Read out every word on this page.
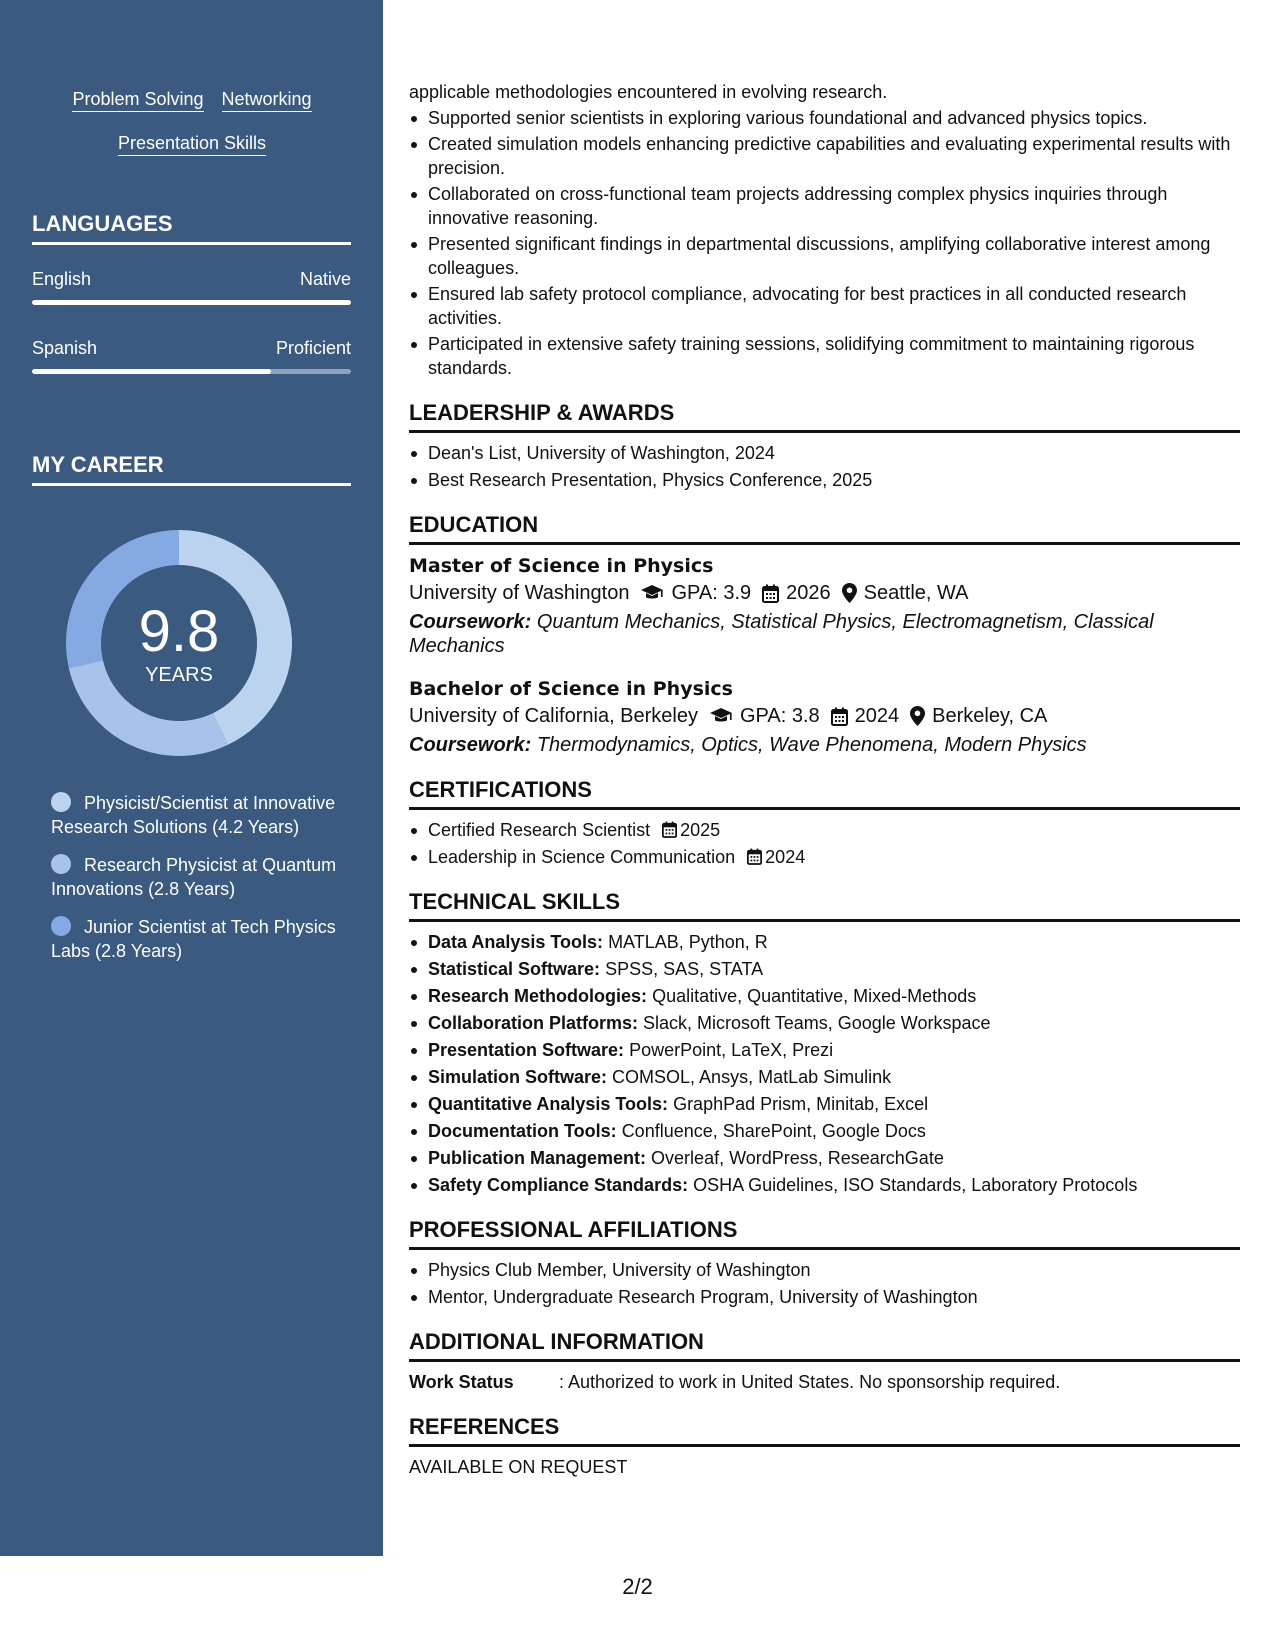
Problem Solving Networking
Presentation Skills
LANGUAGES
English	Native
Spanish	Proficient
MY CAREER
9.8
YEARS
Physicist/Scientist at Innovative Research Solutions (4.2 Years)
Research Physicist at Quantum Innovations (2.8 Years)
Junior Scientist at Tech Physics Labs (2.8 Years)

applicable methodologies encountered in evolving research.

Supported senior scientists in exploring various foundational and advanced physics topics.
Created simulation models enhancing predictive capabilities and evaluating experimental results with precision.
Collaborated on cross-functional team projects addressing complex physics inquiries through innovative reasoning.
Presented significant findings in departmental discussions, amplifying collaborative interest among colleagues.
Ensured lab safety protocol compliance, advocating for best practices in all conducted research activities.
Participated in extensive safety training sessions, solidifying commitment to maintaining rigorous standards.
LEADERSHIP & AWARDS
Dean's List, University of Washington, 2024
Best Research Presentation, Physics Conference, 2025
EDUCATION
Master of Science in Physics
University of Washington GPA: 3.9 2026 Seattle, WA
Coursework: Quantum Mechanics, Statistical Physics, Electromagnetism, Classical Mechanics
Bachelor of Science in Physics
University of California, Berkeley GPA: 3.8 2024 Berkeley, CA
Coursework: Thermodynamics, Optics, Wave Phenomena, Modern Physics
CERTIFICATIONS
Certified Research Scientist 2025
Leadership in Science Communication 2024
TECHNICAL SKILLS
Data Analysis Tools: MATLAB, Python, R
Statistical Software: SPSS, SAS, STATA
Research Methodologies: Qualitative, Quantitative, Mixed-Methods
Collaboration Platforms: Slack, Microsoft Teams, Google Workspace
Presentation Software: PowerPoint, LaTeX, Prezi
Simulation Software: COMSOL, Ansys, MatLab Simulink
Quantitative Analysis Tools: GraphPad Prism, Minitab, Excel
Documentation Tools: Confluence, SharePoint, Google Docs
Publication Management: Overleaf, WordPress, ResearchGate
Safety Compliance Standards: OSHA Guidelines, ISO Standards, Laboratory Protocols
PROFESSIONAL AFFILIATIONS
Physics Club Member, University of Washington
Mentor, Undergraduate Research Program, University of Washington
ADDITIONAL INFORMATION
Work Status	: Authorized to work in United States. No sponsorship required.
REFERENCES

AVAILABLE ON REQUEST

2/2
